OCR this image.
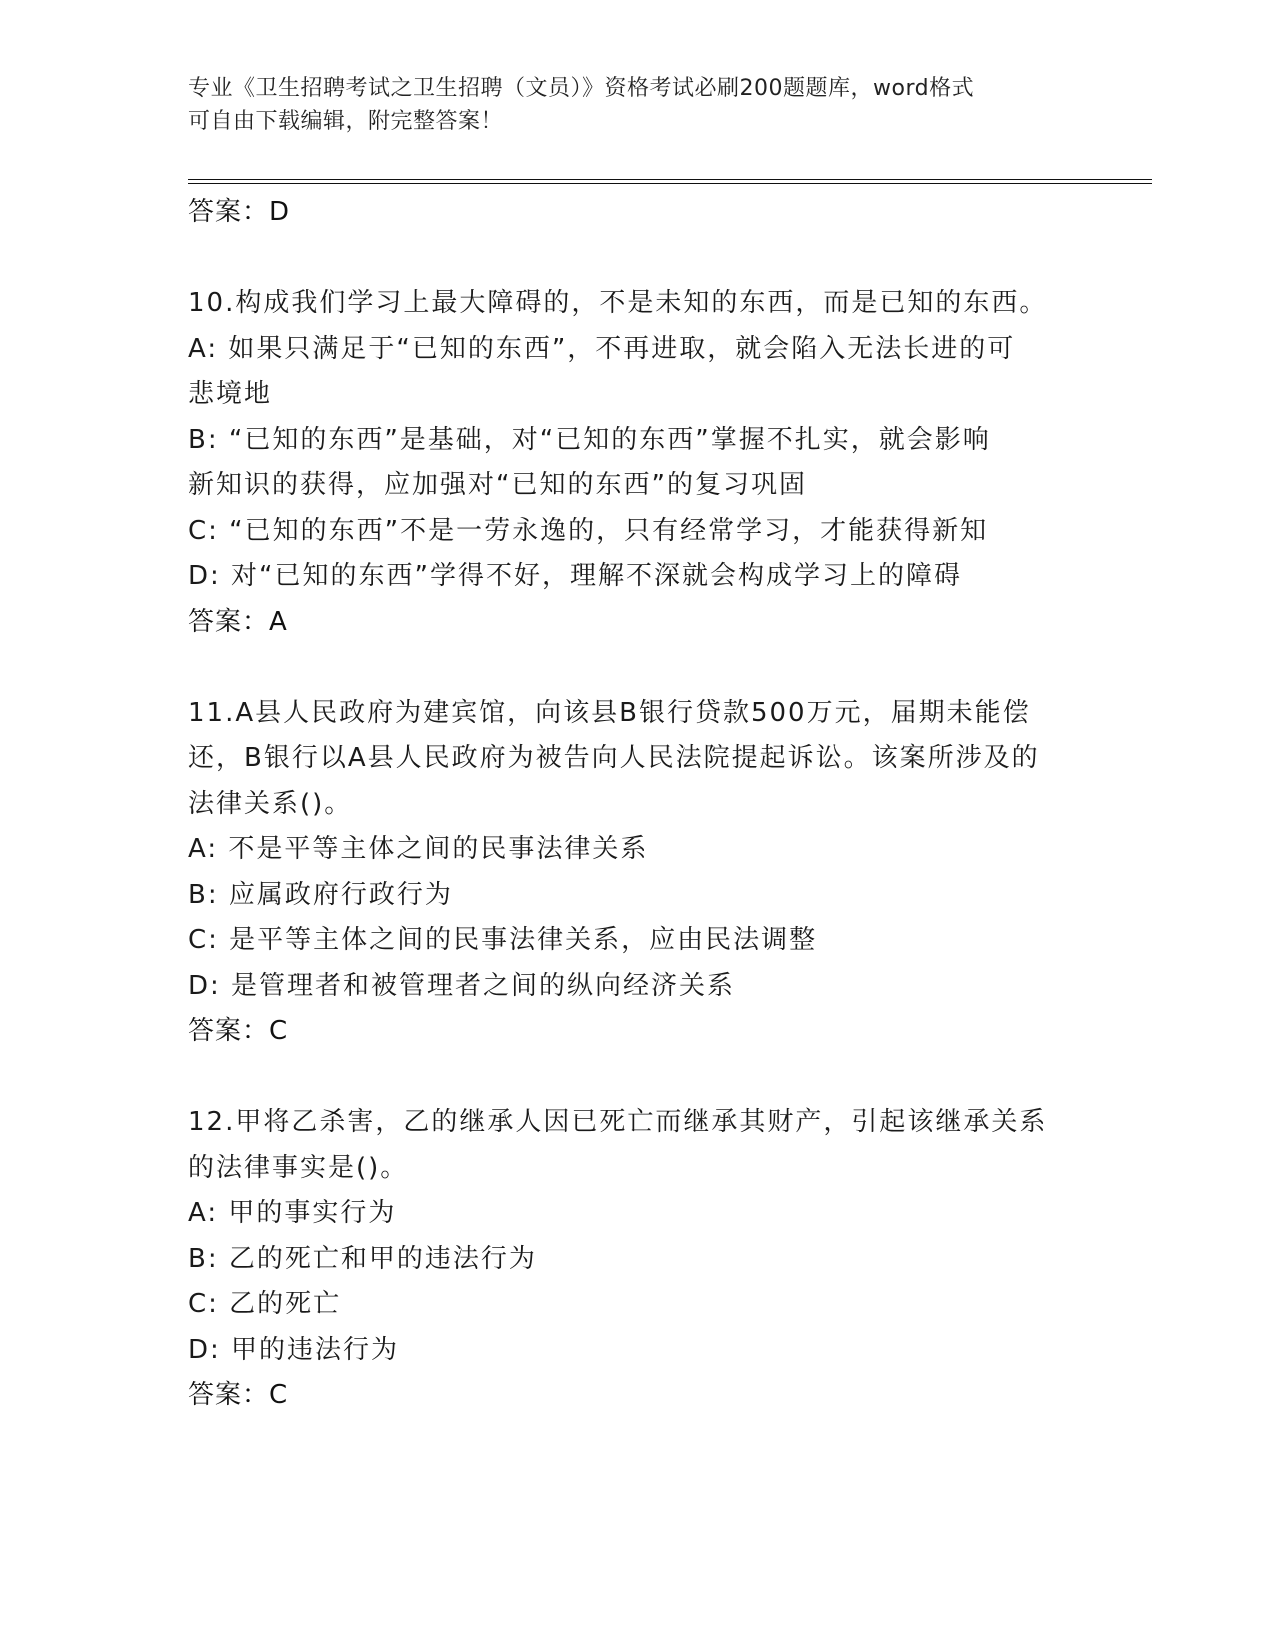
专业《卫生招聘考试之卫生招聘（文员）》资格考试必刷200题题库，word格式
可自由下载编辑，附完整答案！
答案：D
10.构成我们学习上最大障碍的，不是未知的东西，而是已知的东西。
A: 如果只满足于“已知的东西”，不再进取，就会陷入无法长进的可
悲境地
B: “已知的东西”是基础，对“已知的东西”掌握不扎实，就会影响
新知识的获得，应加强对“已知的东西”的复习巩固
C: “已知的东西”不是一劳永逸的，只有经常学习，才能获得新知
D: 对“已知的东西”学得不好，理解不深就会构成学习上的障碍
答案：A
11.A县人民政府为建宾馆，向该县B银行贷款500万元，届期未能偿
还，B银行以A县人民政府为被告向人民法院提起诉讼。该案所涉及的
法律关系()。
A: 不是平等主体之间的民事法律关系
B: 应属政府行政行为
C: 是平等主体之间的民事法律关系，应由民法调整
D: 是管理者和被管理者之间的纵向经济关系
答案：C
12.甲将乙杀害，乙的继承人因已死亡而继承其财产，引起该继承关系
的法律事实是()。
A: 甲的事实行为
B: 乙的死亡和甲的违法行为
C: 乙的死亡
D: 甲的违法行为
答案：C
